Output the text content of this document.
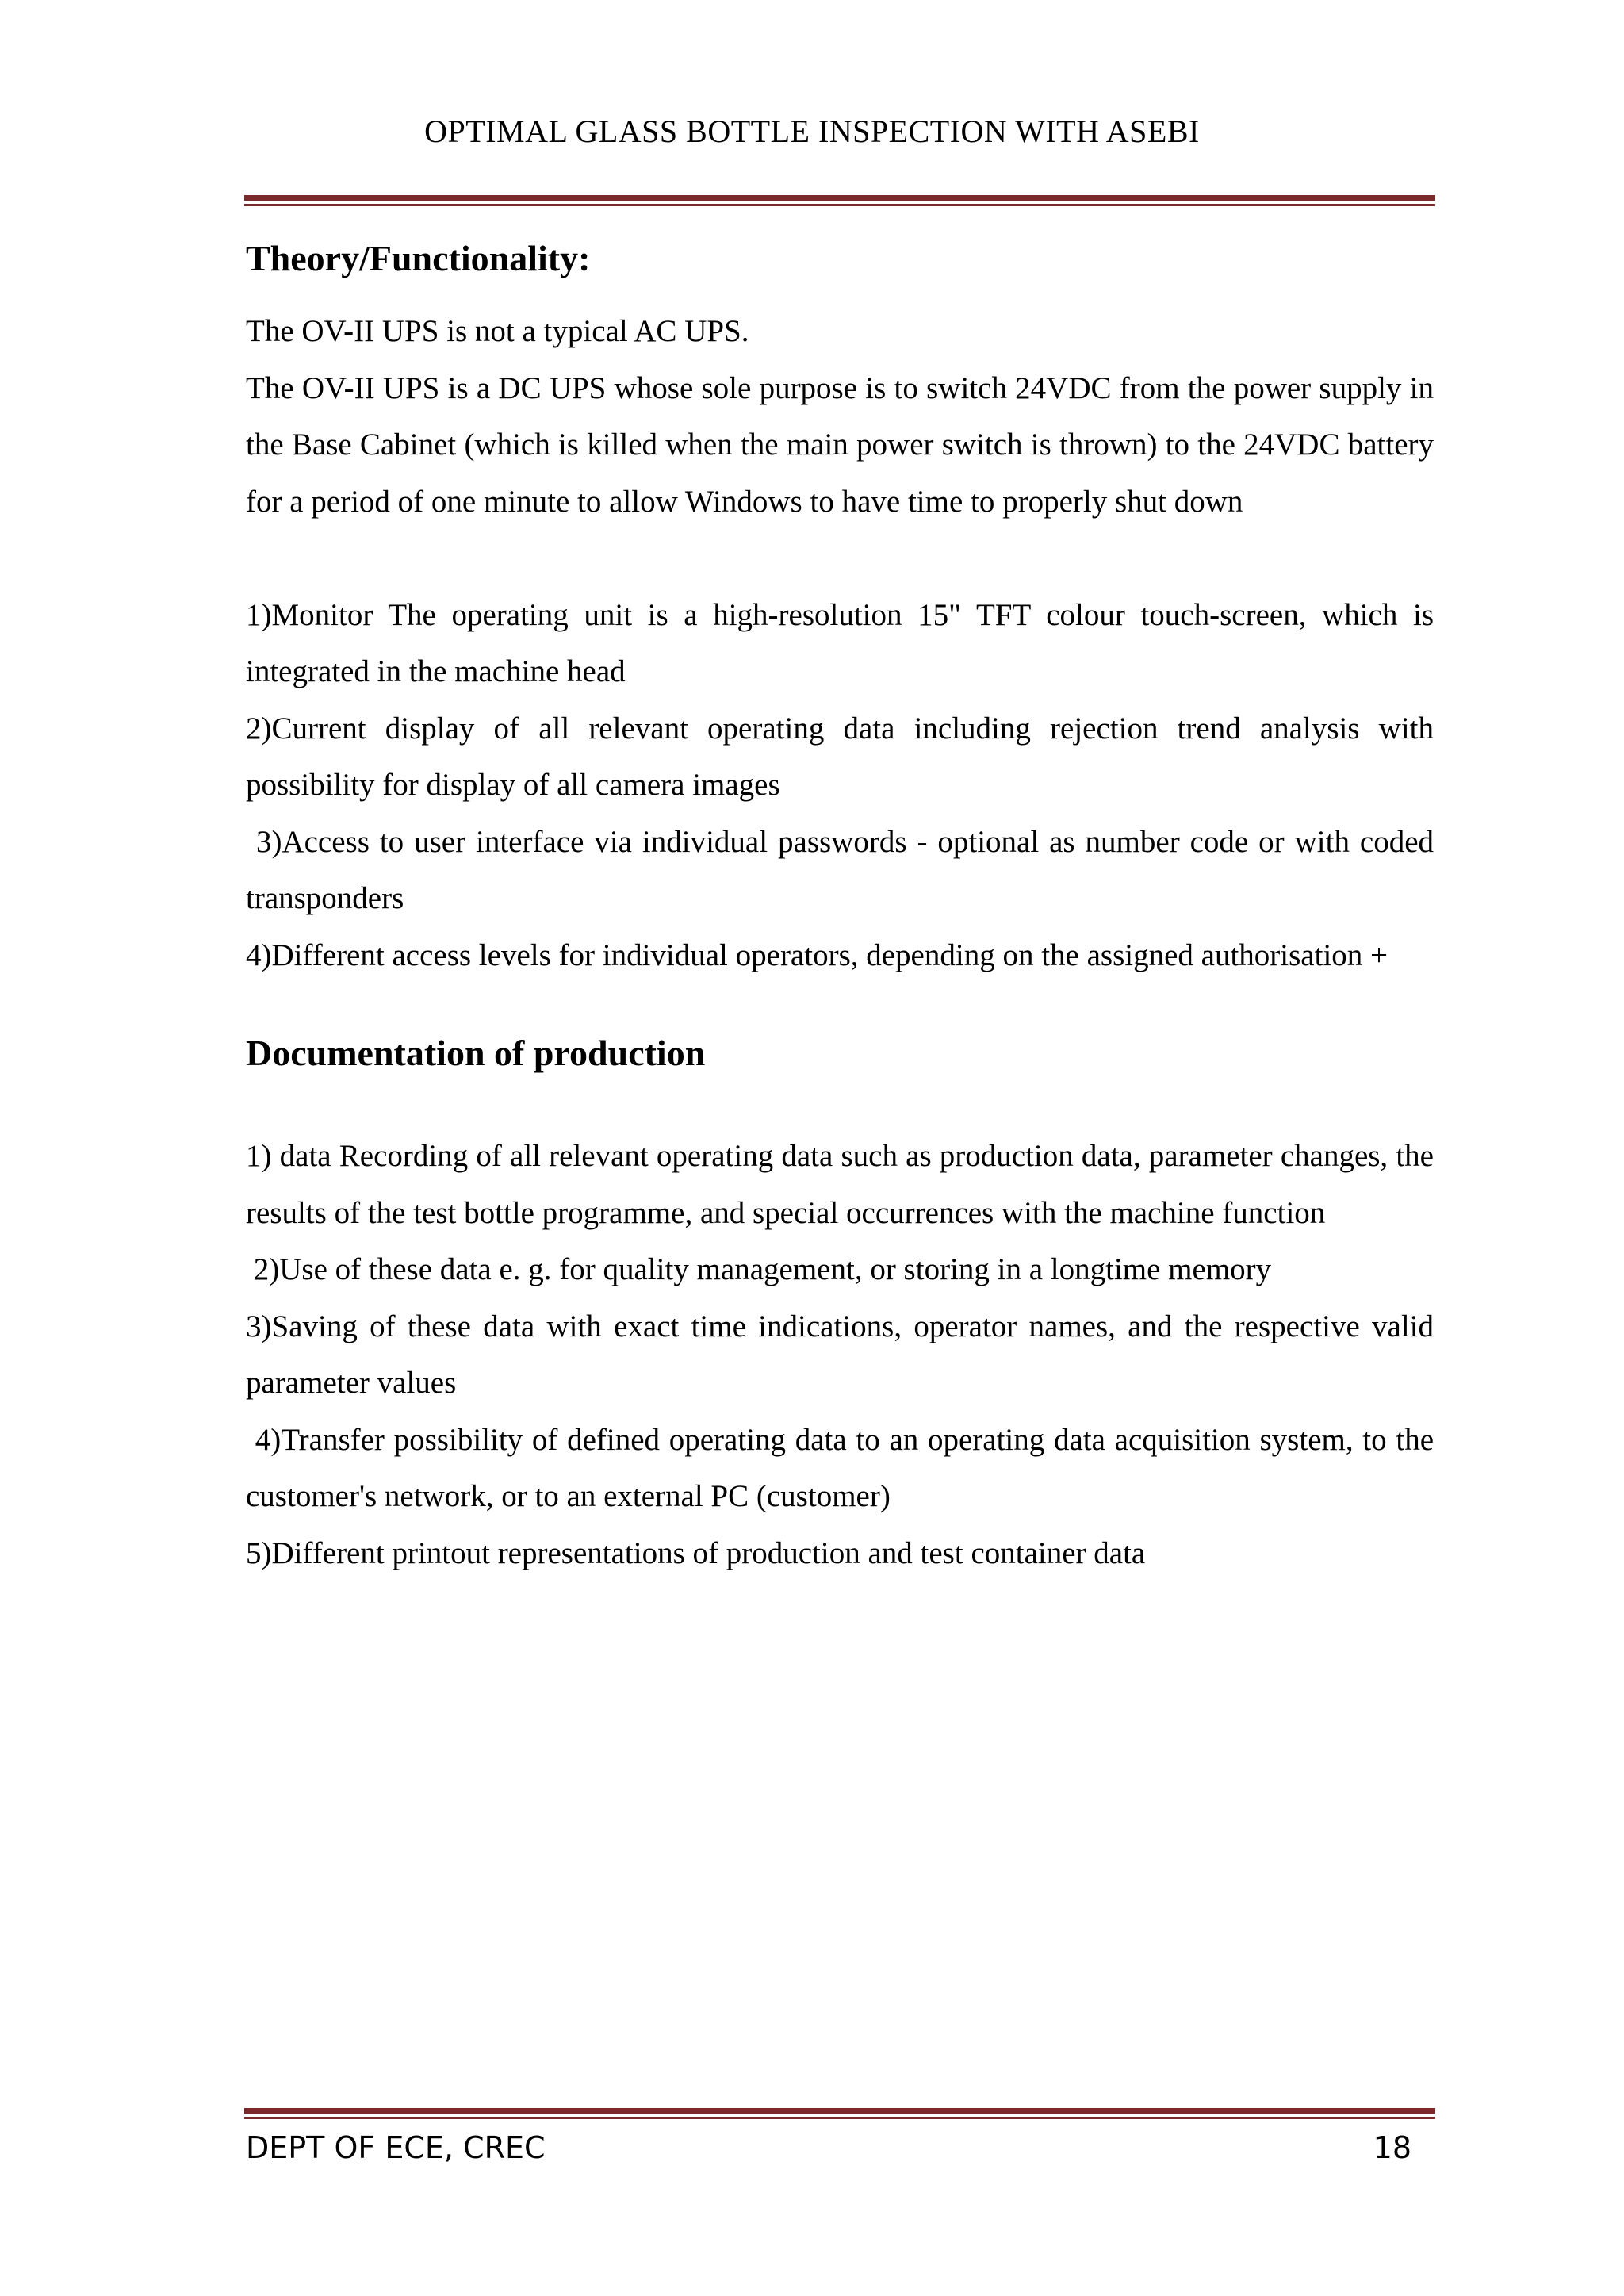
OPTIMAL GLASS BOTTLE INSPECTION WITH ASEBI
Theory/Functionality:

The OV-II UPS is not a typical AC UPS.

The OV-II UPS is a DC UPS whose sole purpose is to switch 24VDC from the power supply in the Base Cabinet (which is killed when the main power switch is thrown) to the 24VDC battery for a period of one minute to allow Windows to have time to properly shut down

1)Monitor The operating unit is a high-resolution 15" TFT colour touch-screen, which is integrated in the machine head

2)Current display of all relevant operating data including rejection trend analysis with possibility for display of all camera images

3)Access to user interface via individual passwords - optional as number code or with coded transponders

4)Different access levels for individual operators, depending on the assigned authorisation +

Documentation of production

1) data Recording of all relevant operating data such as production data, parameter changes, the results of the test bottle programme, and special occurrences with the machine function

2)Use of these data e. g. for quality management, or storing in a longtime memory

3)Saving of these data with exact time indications, operator names, and the respective valid parameter values

4)Transfer possibility of defined operating data to an operating data acquisition system, to the customer's network, or to an external PC (customer)

5)Different printout representations of production and test container data

DEPT OF ECE, CREC	18
